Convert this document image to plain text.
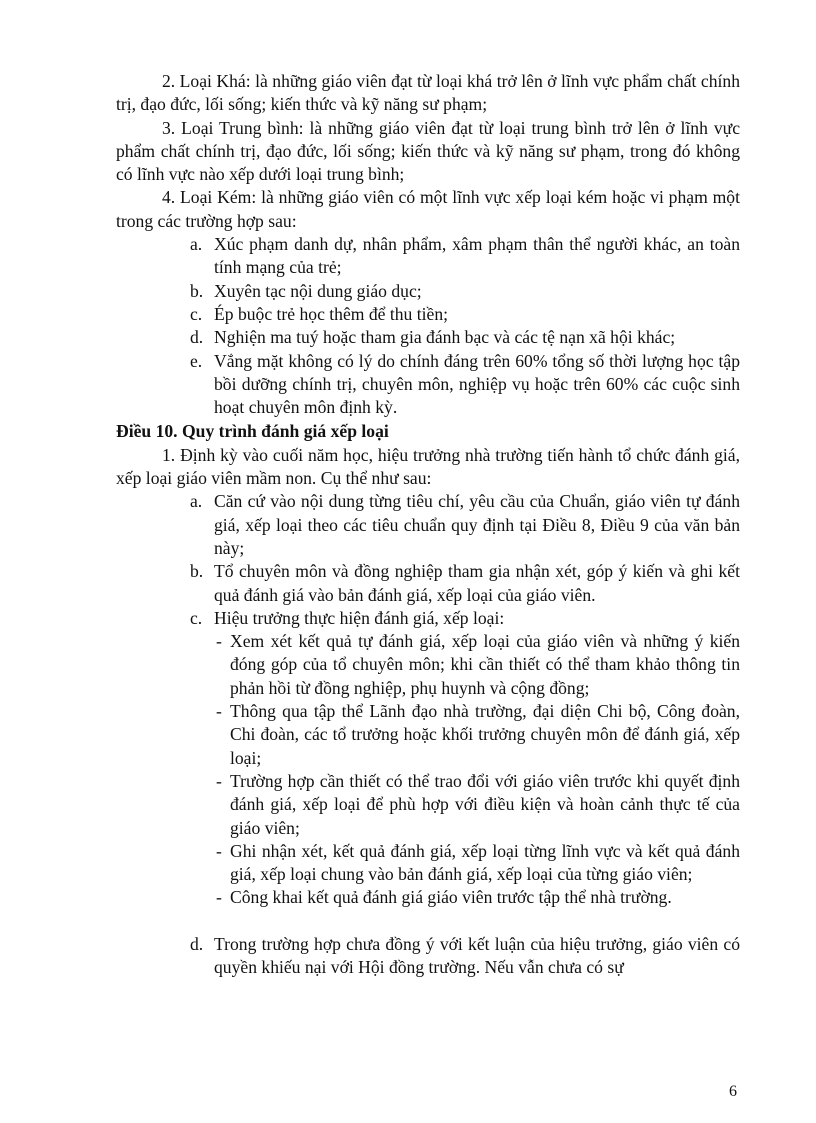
2. Loại Khá: là những giáo viên đạt từ loại khá trở lên ở lĩnh vực phẩm chất chính trị, đạo đức, lối sống; kiến thức và kỹ năng sư phạm;

3. Loại Trung bình: là những giáo viên đạt từ loại trung bình trở lên ở lĩnh vực phẩm chất chính trị, đạo đức, lối sống; kiến thức và kỹ năng sư phạm, trong đó không có lĩnh vực nào xếp dưới loại trung bình;

4. Loại Kém: là những giáo viên có một lĩnh vực xếp loại kém hoặc vi phạm một trong các trường hợp sau:

a. Xúc phạm danh dự, nhân phẩm, xâm phạm thân thể người khác, an toàn tính mạng của trẻ;
b. Xuyên tạc nội dung giáo dục;
c. Ép buộc trẻ học thêm để thu tiền;
d. Nghiện ma tuý hoặc tham gia đánh bạc và các tệ nạn xã hội khác;
e. Vắng mặt không có lý do chính đáng trên 60% tổng số thời lượng học tập bồi dưỡng chính trị, chuyên môn, nghiệp vụ hoặc trên 60% các cuộc sinh hoạt chuyên môn định kỳ.

Điều 10. Quy trình đánh giá xếp loại

1. Định kỳ vào cuối năm học, hiệu trưởng nhà trường tiến hành tổ chức đánh giá, xếp loại giáo viên mầm non. Cụ thể như sau:

a. Căn cứ vào nội dung từng tiêu chí, yêu cầu của Chuẩn, giáo viên tự đánh giá, xếp loại theo các tiêu chuẩn quy định tại Điều 8, Điều 9 của văn bản này;
b. Tổ chuyên môn và đồng nghiệp tham gia nhận xét, góp ý kiến và ghi kết quả đánh giá vào bản đánh giá, xếp loại của giáo viên.
c. Hiệu trưởng thực hiện đánh giá, xếp loại:
- Xem xét kết quả tự đánh giá, xếp loại của giáo viên và những ý kiến đóng góp của tổ chuyên môn; khi cần thiết có thể tham khảo thông tin phản hồi từ đồng nghiệp, phụ huynh và cộng đồng;
- Thông qua tập thể Lãnh đạo nhà trường, đại diện Chi bộ, Công đoàn, Chi đoàn, các tổ trưởng hoặc khối trưởng chuyên môn để đánh giá, xếp loại;
- Trường hợp cần thiết có thể trao đổi với giáo viên trước khi quyết định đánh giá, xếp loại để phù hợp với điều kiện và hoàn cảnh thực tế của giáo viên;
- Ghi nhận xét, kết quả đánh giá, xếp loại từng lĩnh vực và kết quả đánh giá, xếp loại chung vào bản đánh giá, xếp loại của từng giáo viên;
- Công khai kết quả đánh giá giáo viên trước tập thể nhà trường.
d. Trong trường hợp chưa đồng ý với kết luận của hiệu trưởng, giáo viên có quyền khiếu nại với Hội đồng trường. Nếu vẫn chưa có sự
6
